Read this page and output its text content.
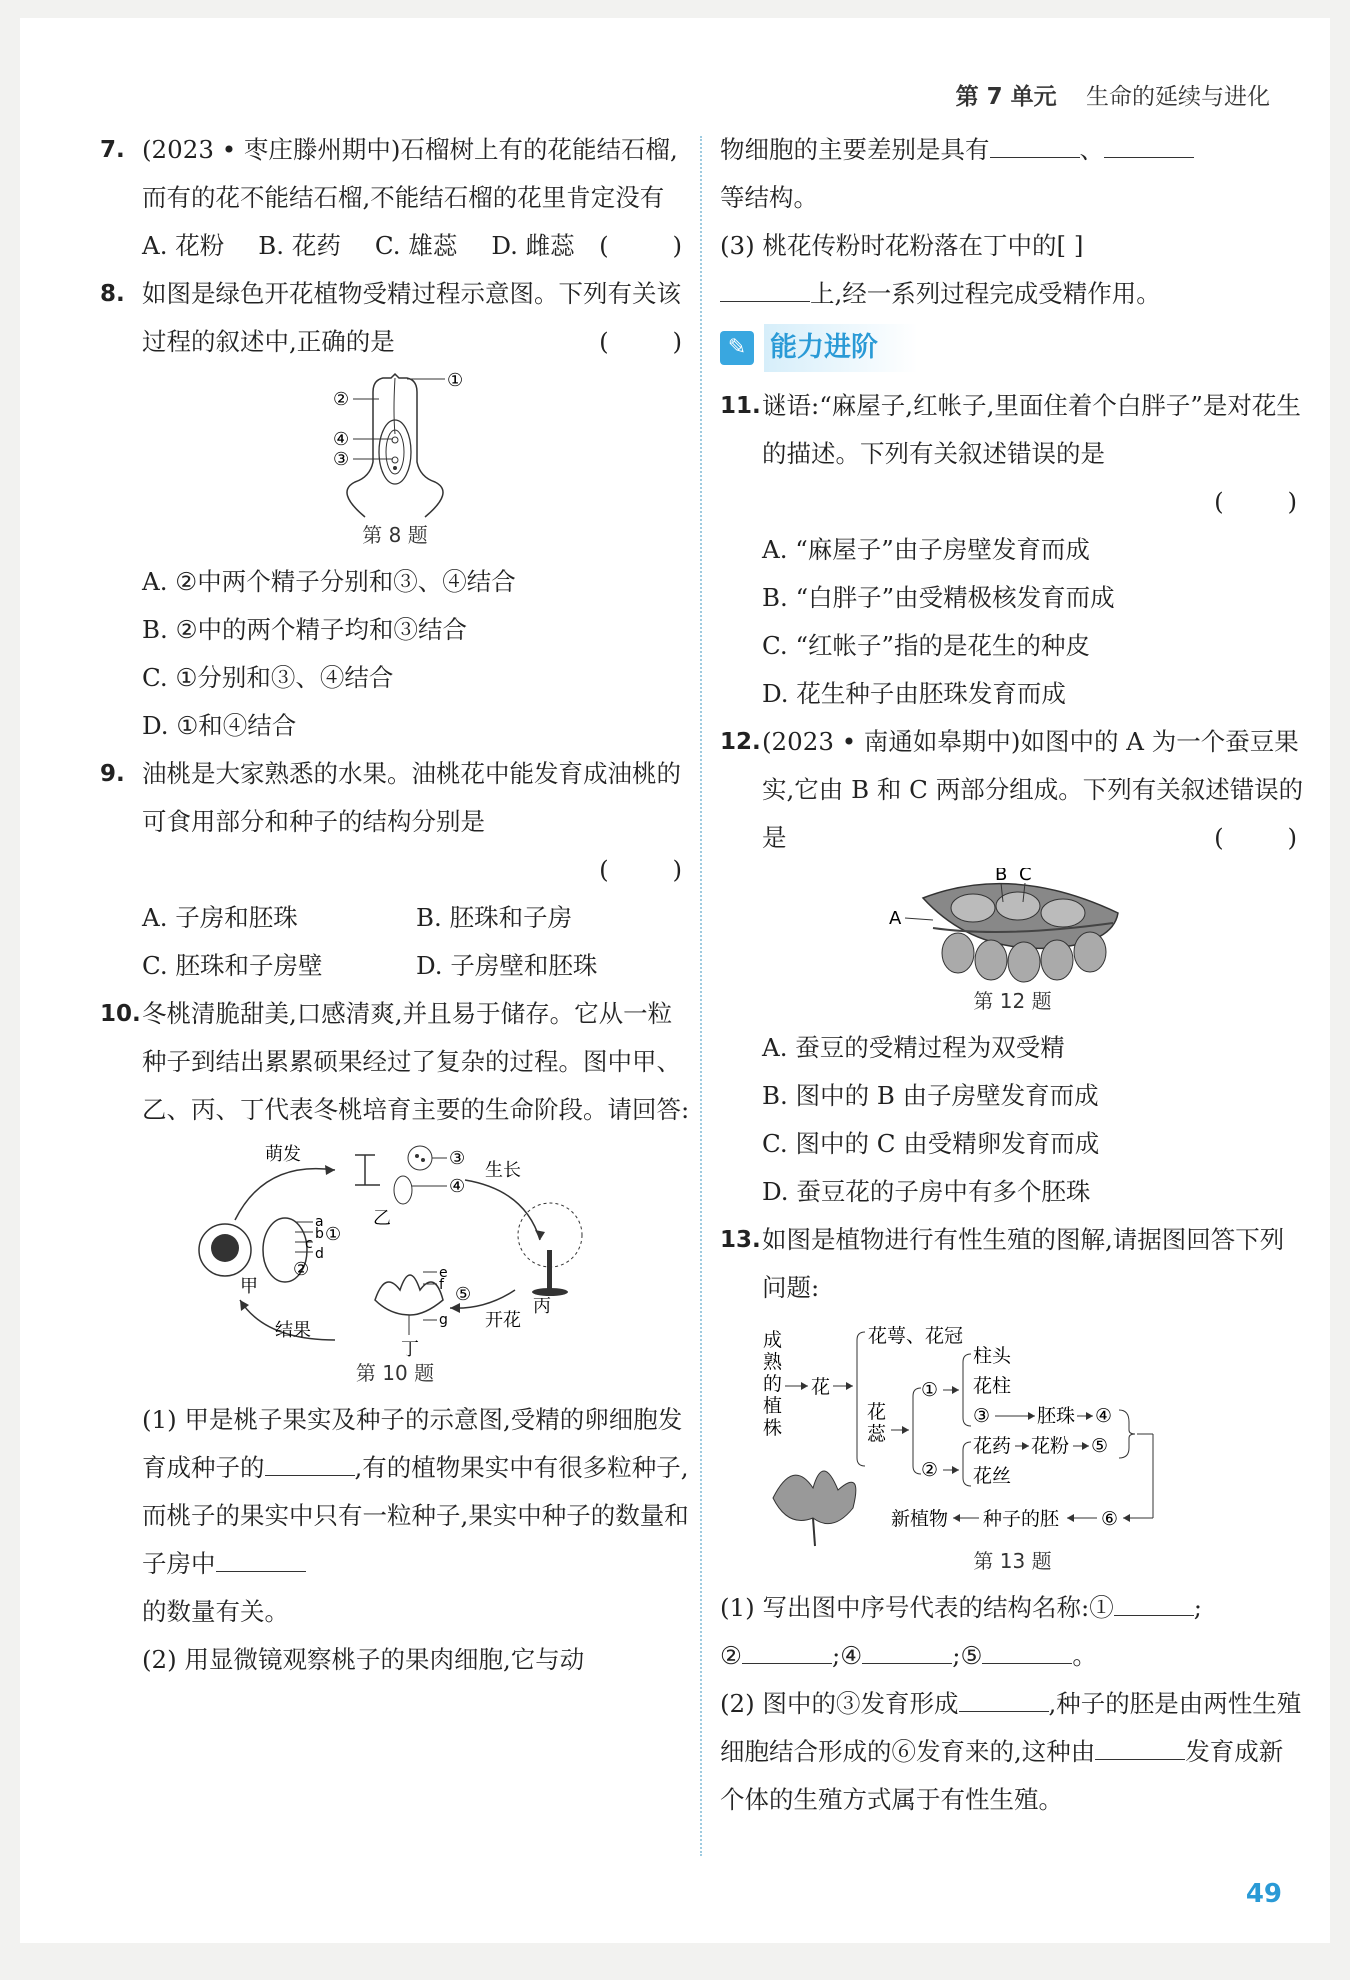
第 7 单元 生命的延续与进化
7. (2023 • 枣庄滕州期中)石榴树上有的花能结石榴,而有的花不能结石榴,不能结石榴的花里肯定没有
( )
A. 花粉 B. 花药 C. 雄蕊 D. 雌蕊
8. 如图是绿色开花植物受精过程示意图。下列有关该过程的叙述中,正确的是	( )
①
②
④
③
第 8 题
A. ②中两个精子分别和③、④结合
B. ②中的两个精子均和③结合
C. ①分别和③、④结合
D. ①和④结合
9. 油桃是大家熟悉的水果。油桃花中能发育成油桃的可食用部分和种子的结构分别是
( )
A. 子房和胚珠	B. 胚珠和子房
C. 胚珠和子房壁	D. 子房壁和胚珠
10. 冬桃清脆甜美,口感清爽,并且易于储存。它从一粒种子到结出累累硕果经过了复杂的过程。图中甲、乙、丙、丁代表冬桃培育主要的生命阶段。请回答:
a
b
c
d
①
②
甲
③
④
乙
丙
e
f
g
⑤
丁
萌发
生长
开花
结果
第 10 题
(1) 甲是桃子果实及种子的示意图,受精的卵细胞发育成种子的	,有的植物果实中有很多粒种子,而桃子的果实中只有一粒种子,果实中种子的数量和子房中
的数量有关。
(2) 用显微镜观察桃子的果肉细胞,它与动
物细胞的主要差别是具有	、
等结构。
(3) 桃花传粉时花粉落在丁中的[ ]
上,经一系列过程完成受精作用。
✎ 能力进阶
11. 谜语:“麻屋子,红帐子,里面住着个白胖子”是对花生的描述。下列有关叙述错误的是
( )
A. “麻屋子”由子房壁发育而成
B. “白胖子”由受精极核发育而成
C. “红帐子”指的是花生的种皮
D. 花生种子由胚珠发育而成
12. (2023 • 南通如皋期中)如图中的 A 为一个蚕豆果实,它由 B 和 C 两部分组成。下列有关叙述错误的是	( )
A
B C
第 12 题
A. 蚕豆的受精过程为双受精
B. 图中的 B 由子房壁发育而成
C. 图中的 C 由受精卵发育而成
D. 蚕豆花的子房中有多个胚珠
13. 如图是植物进行有性生殖的图解,请据图回答下列问题:
成熟的植株
花
花萼、花冠
花蕊
①
柱头
花柱
③ 胚珠 ④
②
花药 花粉 ⑤
花丝
⑥
种子的胚
新植物
第 13 题
(1) 写出图中序号代表的结构名称:①	;
②	;④	;⑤	。
(2) 图中的③发育形成	,种子的胚是由两性生殖细胞结合形成的⑥发育来的,这种由	发育成新个体的生殖方式属于有性生殖。
49
